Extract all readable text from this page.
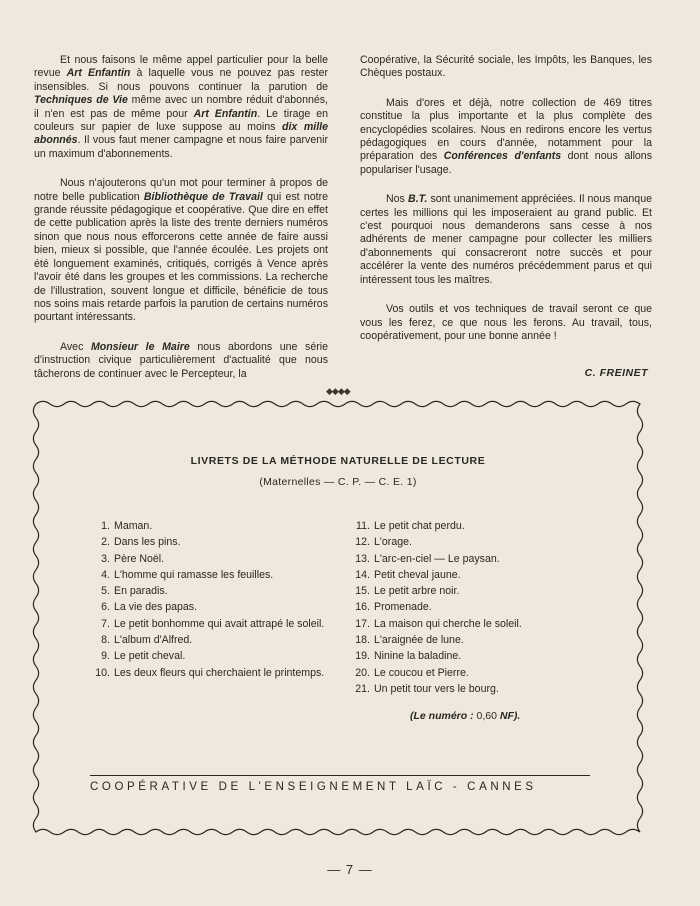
Et nous faisons le même appel particulier pour la belle revue Art Enfantin à laquelle vous ne pouvez pas rester insensibles. Si nous pouvons continuer la parution de Techniques de Vie même avec un nombre réduit d'abonnés, il n'en est pas de même pour Art Enfantin. Le tirage en couleurs sur papier de luxe suppose au moins dix mille abonnés. Il vous faut mener campagne et nous faire parvenir un maximum d'abonnements.

Nous n'ajouterons qu'un mot pour terminer à propos de notre belle publication Bibliothèque de Travail qui est notre grande réussite pédagogique et coopérative. Que dire en effet de cette publication après la liste des trente derniers numéros sinon que nous nous efforcerons cette année de faire aussi bien, mieux si possible, que l'année écoulée. Les projets ont été longuement examinés, critiqués, corrigés à Vence après l'avoir été dans les groupes et les commissions. La recherche de l'illustration, souvent longue et difficile, bénéficie de tous nos soins mais retarde parfois la parution de certains numéros pourtant intéressants.

Avec Monsieur le Maire nous abordons une série d'instruction civique particulièrement d'actualité que nous tâcherons de continuer avec le Percepteur, la

Coopérative, la Sécurité sociale, les Impôts, les Banques, les Chèques postaux.

Mais d'ores et déjà, notre collection de 469 titres constitue la plus importante et la plus complète des encyclopédies scolaires. Nous en redirons encore les vertus pédagogiques en cours d'année, notamment pour la préparation des Conférences d'enfants dont nous allons populariser l'usage.

Nos B.T. sont unanimement appréciées. Il nous manque certes les millions qui les imposeraient au grand public. Et c'est pourquoi nous demanderons sans cesse à nos adhérents de mener campagne pour collecter les milliers d'abonnements qui consacreront notre succès et pour accélérer la vente des numéros précédemment parus et qui intéressent tous les maîtres.

Vos outils et vos techniques de travail seront ce que vous les ferez, ce que nous les ferons. Au travail, tous, coopérativement, pour une bonne année !

C. FREINET
◆◆◆◆
LIVRETS DE LA MÉTHODE NATURELLE DE LECTURE
(Maternelles — C. P. — C. E. 1)
1. Maman.
2. Dans les pins.
3. Père Noël.
4. L'homme qui ramasse les feuilles.
5. En paradis.
6. La vie des papas.
7. Le petit bonhomme qui avait attrapé le soleil.
8. L'album d'Alfred.
9. Le petit cheval.
10. Les deux fleurs qui cherchaient le printemps.
11. Le petit chat perdu.
12. L'orage.
13. L'arc-en-ciel — Le paysan.
14. Petit cheval jaune.
15. Le petit arbre noir.
16. Promenade.
17. La maison qui cherche le soleil.
18. L'araignée de lune.
19. Ninine la baladine.
20. Le coucou et Pierre.
21. Un petit tour vers le bourg.
(Le numéro : 0,60 NF).
COOPÉRATIVE DE L'ENSEIGNEMENT LAÏC - CANNES
— 7 —
